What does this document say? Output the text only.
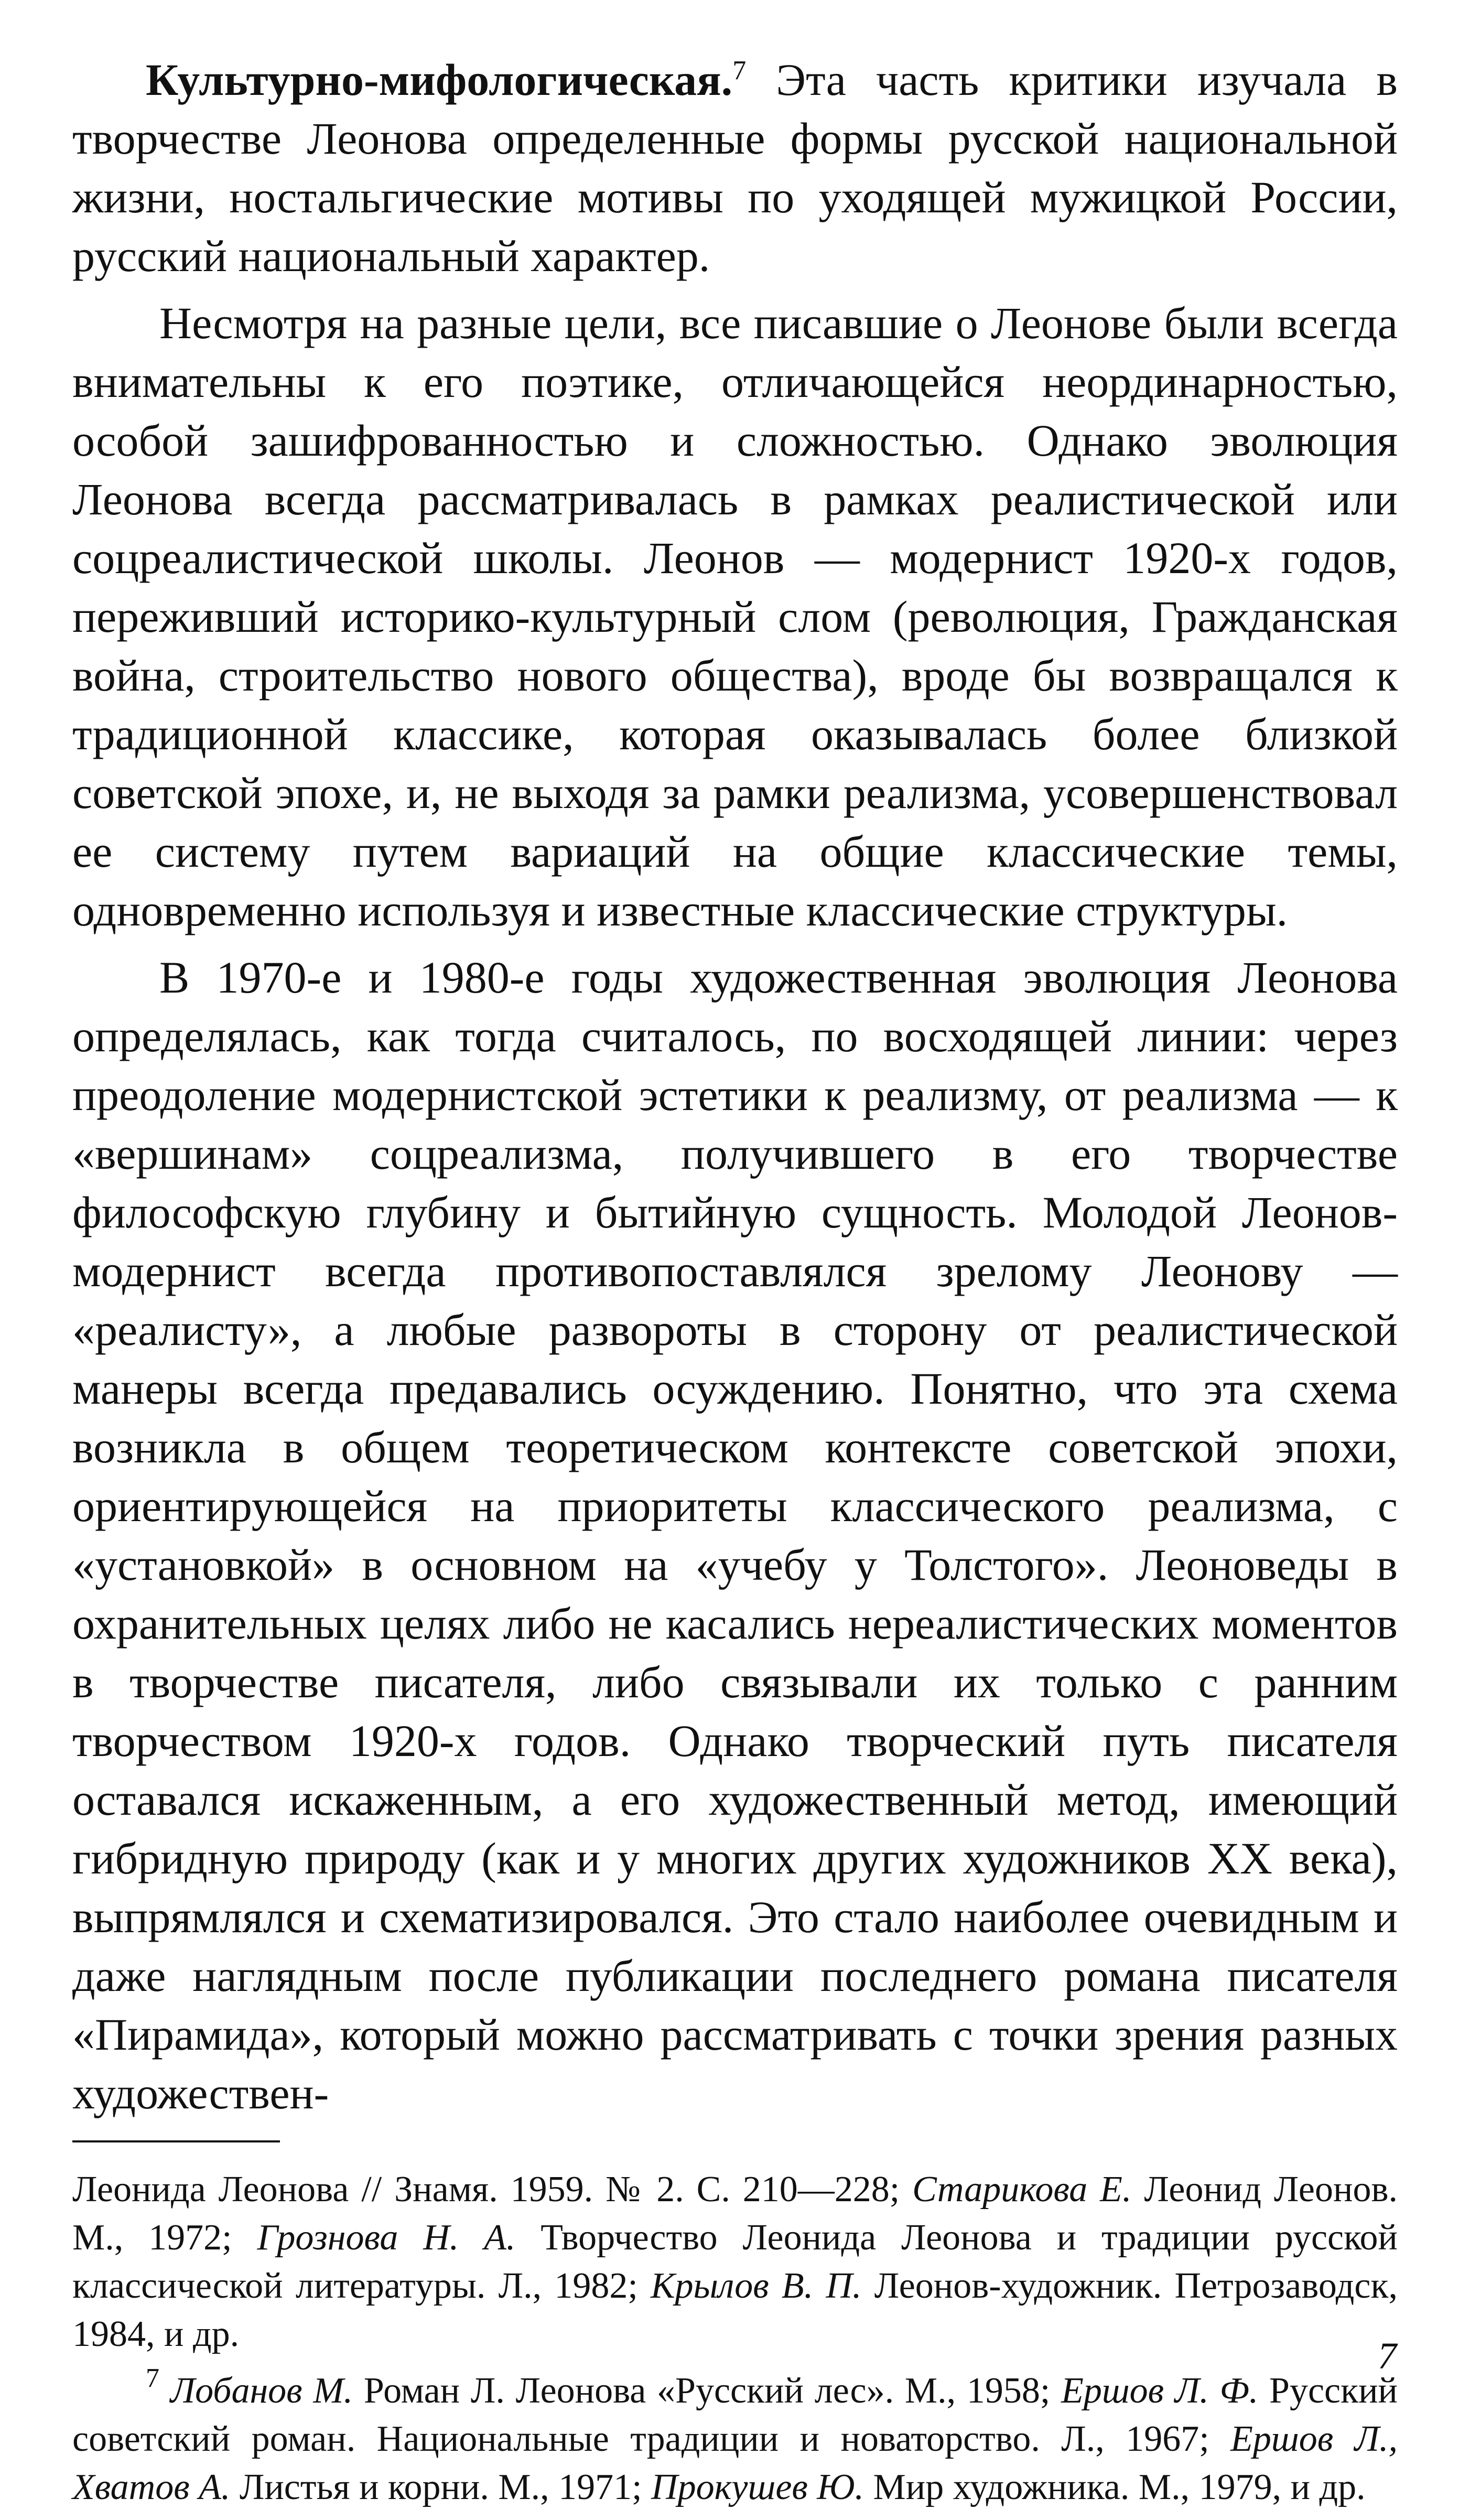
Культурно-мифологическая.$^7$ Эта часть критики изучала в творчестве Леонова определенные формы русской национальной жизни, ностальгические мотивы по уходящей мужицкой России, русский национальный характер.

Несмотря на разные цели, все писавшие о Леонове были всегда внимательны к его поэтике, отличающейся неординарностью, особой зашифрованностью и сложностью. Однако эволюция Леонова всегда рассматривалась в рамках реалистической или соцреалистической школы. Леонов — модернист 1920-х годов, переживший историко-культурный слом (революция, Гражданская война, строительство нового общества), вроде бы возвращался к традиционной классике, которая оказывалась более близкой советской эпохе, и, не выходя за рамки реализма, усовершенствовал ее систему путем вариаций на общие классические темы, одновременно используя и известные классические структуры.

В 1970-е и 1980-е годы художественная эволюция Леонова определялась, как тогда считалось, по восходящей линии: через преодоление модернистской эстетики к реализму, от реализма — к «вершинам» соцреализма, получившего в его творчестве философскую глубину и бытийную сущность. Молодой Леонов-модернист всегда противопоставлялся зрелому Леонову — «реалисту», а любые развороты в сторону от реалистической манеры всегда предавались осуждению. Понятно, что эта схема возникла в общем теоретическом контексте советской эпохи, ориентирующейся на приоритеты классического реализма, с «установкой» в основном на «учебу у Толстого». Леоноведы в охранительных целях либо не касались нереалистических моментов в творчестве писателя, либо связывали их только с ранним творчеством 1920-х годов. Однако творческий путь писателя оставался искаженным, а его художественный метод, имеющий гибридную природу (как и у многих других художников XX века), выпрямлялся и схематизировался. Это стало наиболее очевидным и даже наглядным после публикации последнего романа писателя «Пирамида», который можно рассматривать с точки зрения разных художествен-

Леонида Леонова // Знамя. 1959. № 2. С. 210—228; Старикова Е. Леонид Леонов. М., 1972; Грознова Н. А. Творчество Леонида Леонова и традиции русской классической литературы. Л., 1982; Крылов В. П. Леонов-художник. Петрозаводск, 1984, и др.

$^7$ Лобанов М. Роман Л. Леонова «Русский лес». М., 1958; Ершов Л. Ф. Русский советский роман. Национальные традиции и новаторство. Л., 1967; Ершов Л., Хватов А. Листья и корни. М., 1971; Прокушев Ю. Мир художника. М., 1979, и др.

7
